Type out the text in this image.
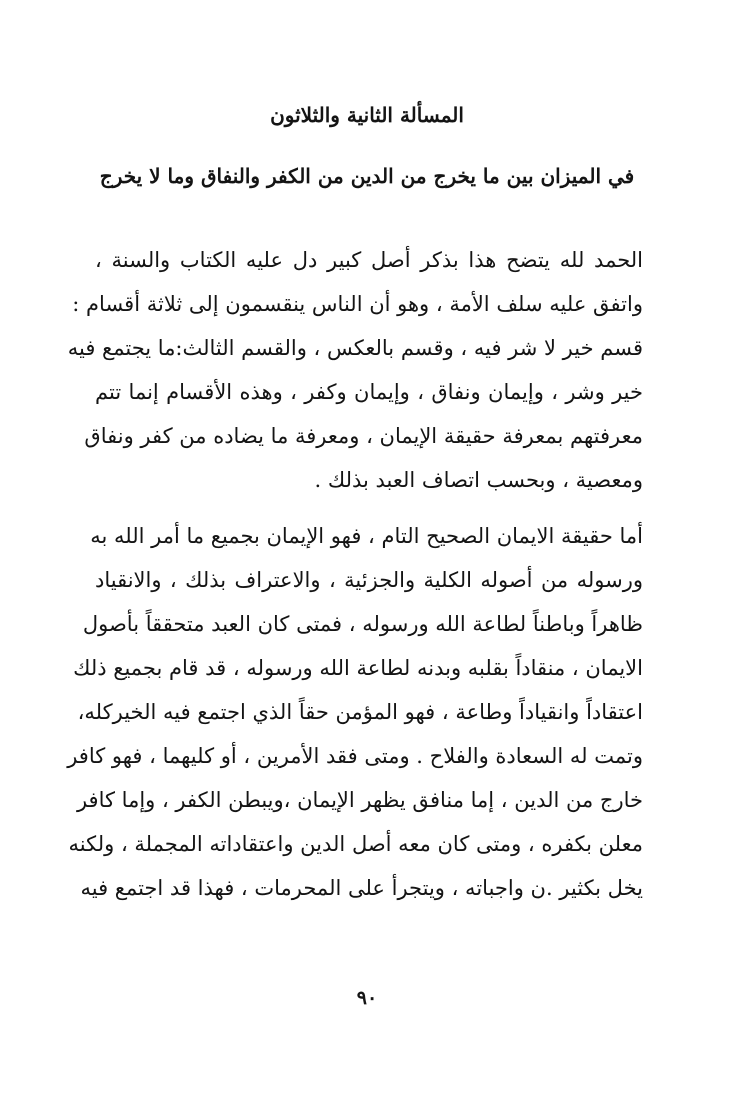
المسألة الثانية والثلاثون
في الميزان بين ما يخرج من الدين من الكفر والنفاق وما لا يخرج
الحمد لله يتضح هذا بذكر أصل كبير دل عليه الكتاب والسنة ،
واتفق عليه سلف الأمة ، وهو أن الناس ينقسمون إلى ثلاثة أقسام :
قسم خير لا شر فيه ، وقسم بالعكس ، والقسم الثالث:ما يجتمع فيه
خير وشر ، وإيمان ونفاق ، وإيمان وكفر ، وهذه الأقسام إنما تتم
معرفتهم بمعرفة حقيقة الإيمان ، ومعرفة ما يضاده من كفر ونفاق
ومعصية ، وبحسب اتصاف العبد بذلك .
أما حقيقة الايمان الصحيح التام ، فهو الإيمان بجميع ما أمر الله به
ورسوله من أصوله الكلية والجزئية ، والاعتراف بذلك ، والانقياد
ظاهراً وباطناً لطاعة الله ورسوله ، فمتى كان العبد متحققاً بأصول
الايمان ، منقاداً بقلبه وبدنه لطاعة الله ورسوله ، قد قام بجميع ذلك
اعتقاداً وانقياداً وطاعة ، فهو المؤمن حقاً الذي اجتمع فيه الخيركله،
وتمت له السعادة والفلاح . ومتى فقد الأمرين ، أو كليهما ، فهو كافر
خارج من الدين ، إما منافق يظهر الإيمان ،ويبطن الكفر ، وإما كافر
معلن بكفره ، ومتى كان معه أصل الدين واعتقاداته المجملة ، ولكنه
يخل بكثير .ن واجباته ، ويتجرأ على المحرمات ، فهذا قد اجتمع فيه
٩٠
